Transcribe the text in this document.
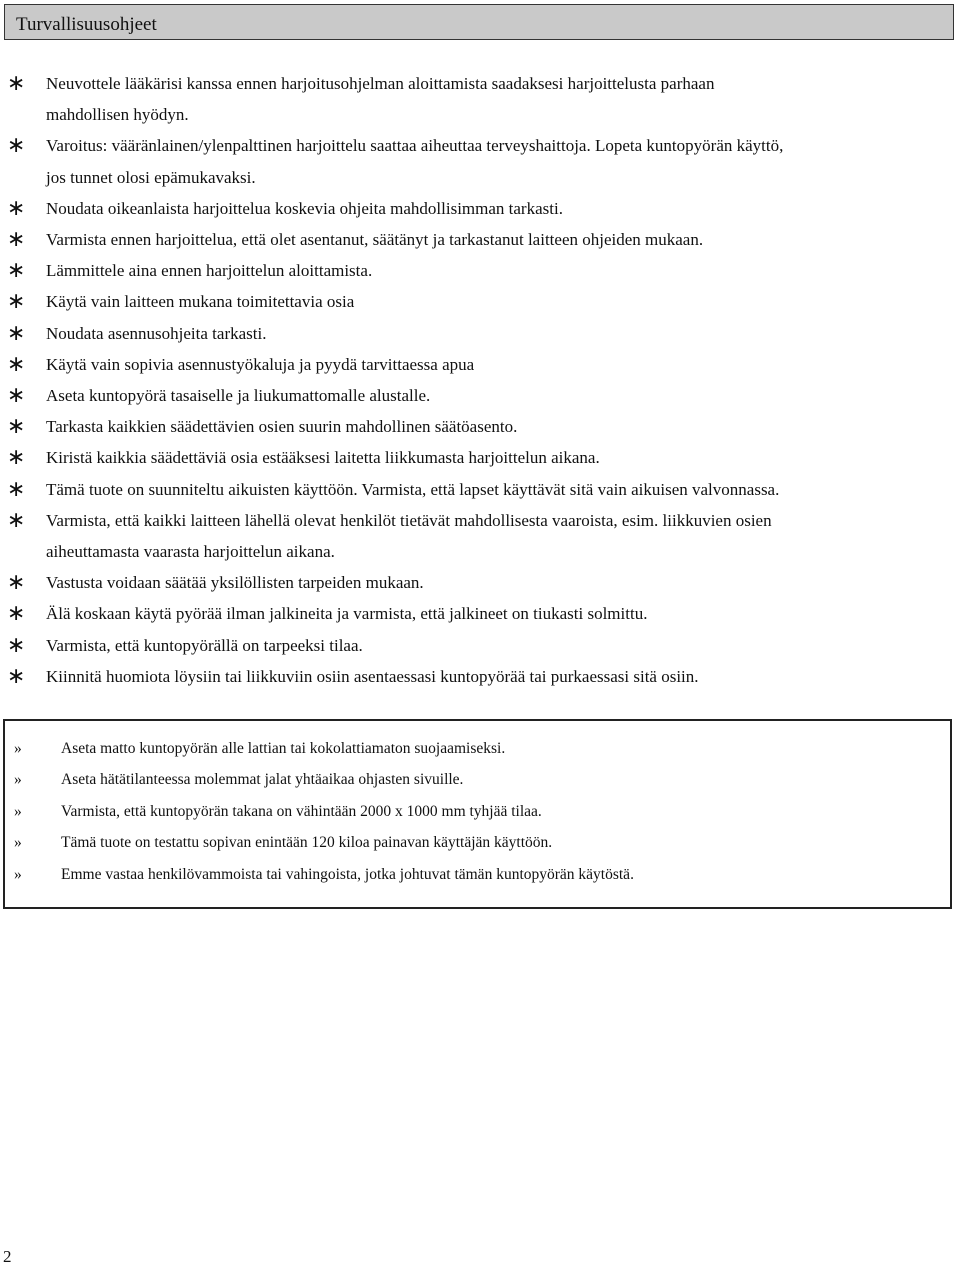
Turvallisuusohjeet
∗ Neuvottele lääkärisi kanssa ennen harjoitusohjelman aloittamista saadaksesi harjoittelusta parhaan
mahdollisen hyödyn.
∗ Varoitus: vääränlainen/ylenpalttinen harjoittelu saattaa aiheuttaa terveyshaittoja. Lopeta kuntopyörän käyttö,
jos tunnet olosi epämukavaksi.
∗ Noudata oikeanlaista harjoittelua koskevia ohjeita mahdollisimman tarkasti.
∗ Varmista ennen harjoittelua, että olet asentanut, säätänyt ja tarkastanut laitteen ohjeiden mukaan.
∗ Lämmittele aina ennen harjoittelun aloittamista.
∗ Käytä vain laitteen mukana toimitettavia osia
∗ Noudata asennusohjeita tarkasti.
∗ Käytä vain sopivia asennustyökaluja ja pyydä tarvittaessa apua
∗ Aseta kuntopyörä tasaiselle ja liukumattomalle alustalle.
∗ Tarkasta kaikkien säädettävien osien suurin mahdollinen säätöasento.
∗ Kiristä kaikkia säädettäviä osia estääksesi laitetta liikkumasta harjoittelun aikana.
∗ Tämä tuote on suunniteltu aikuisten käyttöön. Varmista, että lapset käyttävät sitä vain aikuisen valvonnassa.
∗ Varmista, että kaikki laitteen lähellä olevat henkilöt tietävät mahdollisesta vaaroista, esim. liikkuvien osien
aiheuttamasta vaarasta harjoittelun aikana.
∗ Vastusta voidaan säätää yksilöllisten tarpeiden mukaan.
∗ Älä koskaan käytä pyörää ilman jalkineita ja varmista, että jalkineet on tiukasti solmittu.
∗ Varmista, että kuntopyörällä on tarpeeksi tilaa.
∗ Kiinnitä huomiota löysiin tai liikkuviin osiin asentaessasi kuntopyörää tai purkaessasi sitä osiin.
»	Aseta matto kuntopyörän alle lattian tai kokolattiamaton suojaamiseksi.
»	Aseta hätätilanteessa molemmat jalat yhtäaikaa ohjasten sivuille.
»	Varmista, että kuntopyörän takana on vähintään 2000 x 1000 mm tyhjää tilaa.
»	Tämä tuote on testattu sopivan enintään 120 kiloa painavan käyttäjän käyttöön.
»	Emme vastaa henkilövammoista tai vahingoista, jotka johtuvat tämän kuntopyörän käytöstä.
2
